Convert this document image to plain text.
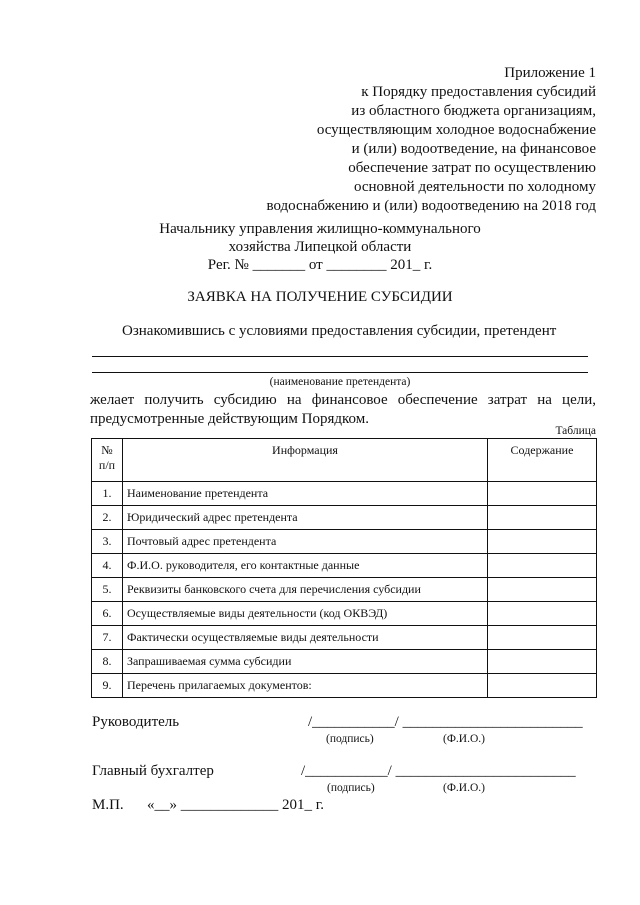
Приложение 1
к Порядку предоставления субсидий
из областного бюджета организациям,
осуществляющим холодное водоснабжение
и (или) водоотведение, на финансовое
обеспечение затрат по осуществлению
основной деятельности по холодному
водоснабжению и (или) водоотведению на 2018 год
Начальнику управления жилищно-коммунального
хозяйства Липецкой области
Рег. № _______ от ________ 201_ г.
ЗАЯВКА НА ПОЛУЧЕНИЕ СУБСИДИИ
Ознакомившись с условиями предоставления субсидии, претендент
(наименование претендента)
желает получить субсидию на финансовое обеспечение затрат на цели, предусмотренные действующим Порядком.
Таблица
№ п/п	Информация	Содержание
1.	Наименование претендента	
2.	Юридический адрес претендента	
3.	Почтовый адрес претендента	
4.	Ф.И.О. руководителя, его контактные данные	
5.	Реквизиты банковского счета для перечисления субсидии	
6.	Осуществляемые виды деятельности (код ОКВЭД)	
7.	Фактически осуществляемые виды деятельности	
8.	Запрашиваемая сумма субсидии	
9.	Перечень прилагаемых документов:	
Руководитель	/___________/ ________________________
(подпись)	(Ф.И.О.)
Главный бухгалтер	/___________/ ________________________
(подпись)	(Ф.И.О.)
М.П. «__» _____________ 201_ г.
